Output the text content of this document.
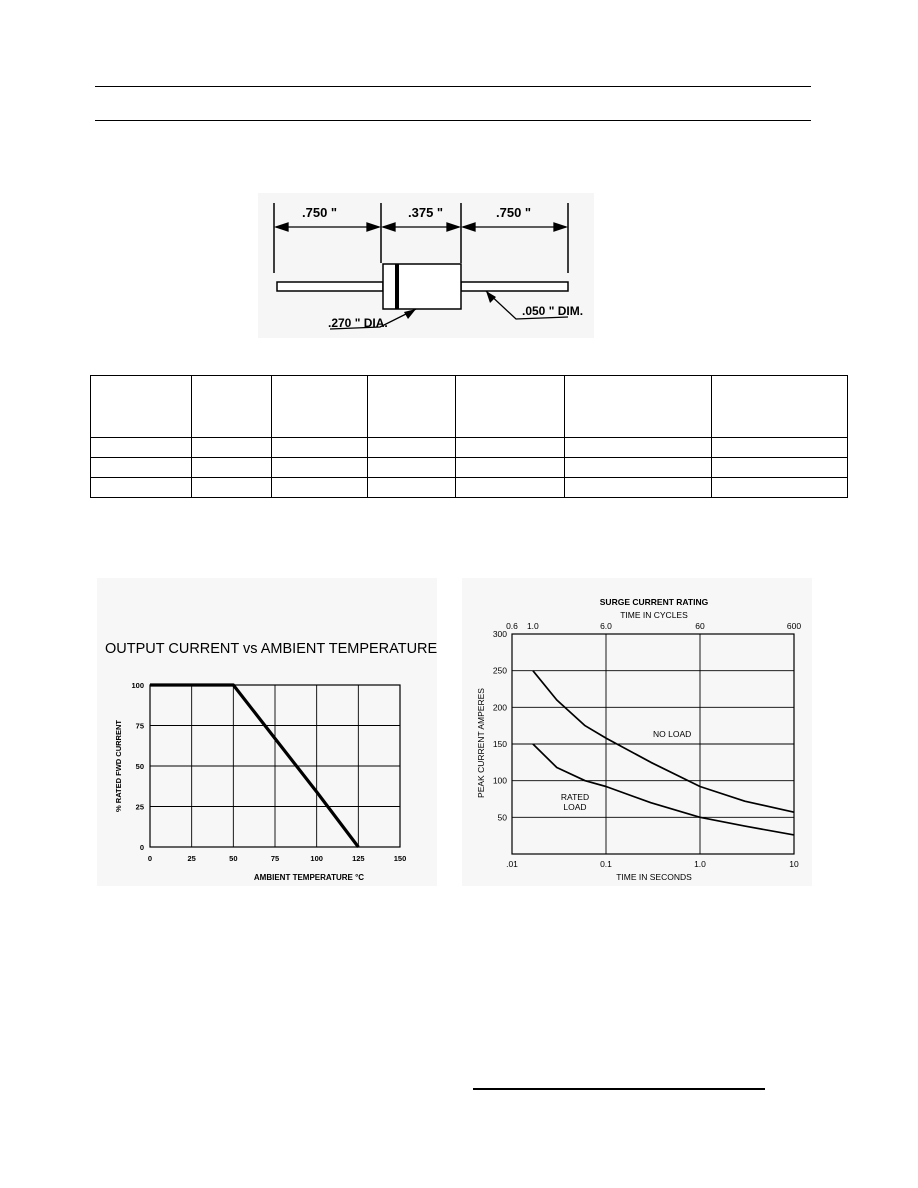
.750 "	.375 "	.750 "
.270 " DIA.
.050 " DIM.

OUTPUT CURRENT vs AMBIENT TEMPERATURE
0	25	50	75	100	125	150
0
25
50
75
100
% RATED FWD CURRENT
AMBIENT TEMPERATURE °C
SURGE CURRENT RATING
TIME IN CYCLES
.01	0.1	1.0	10
50
100
150
200
250
300
0.6 1.0	6.0	60	600
TIME IN SECONDS
PEAK CURRENT AMPERES	NO LOAD
RATED
LOAD
